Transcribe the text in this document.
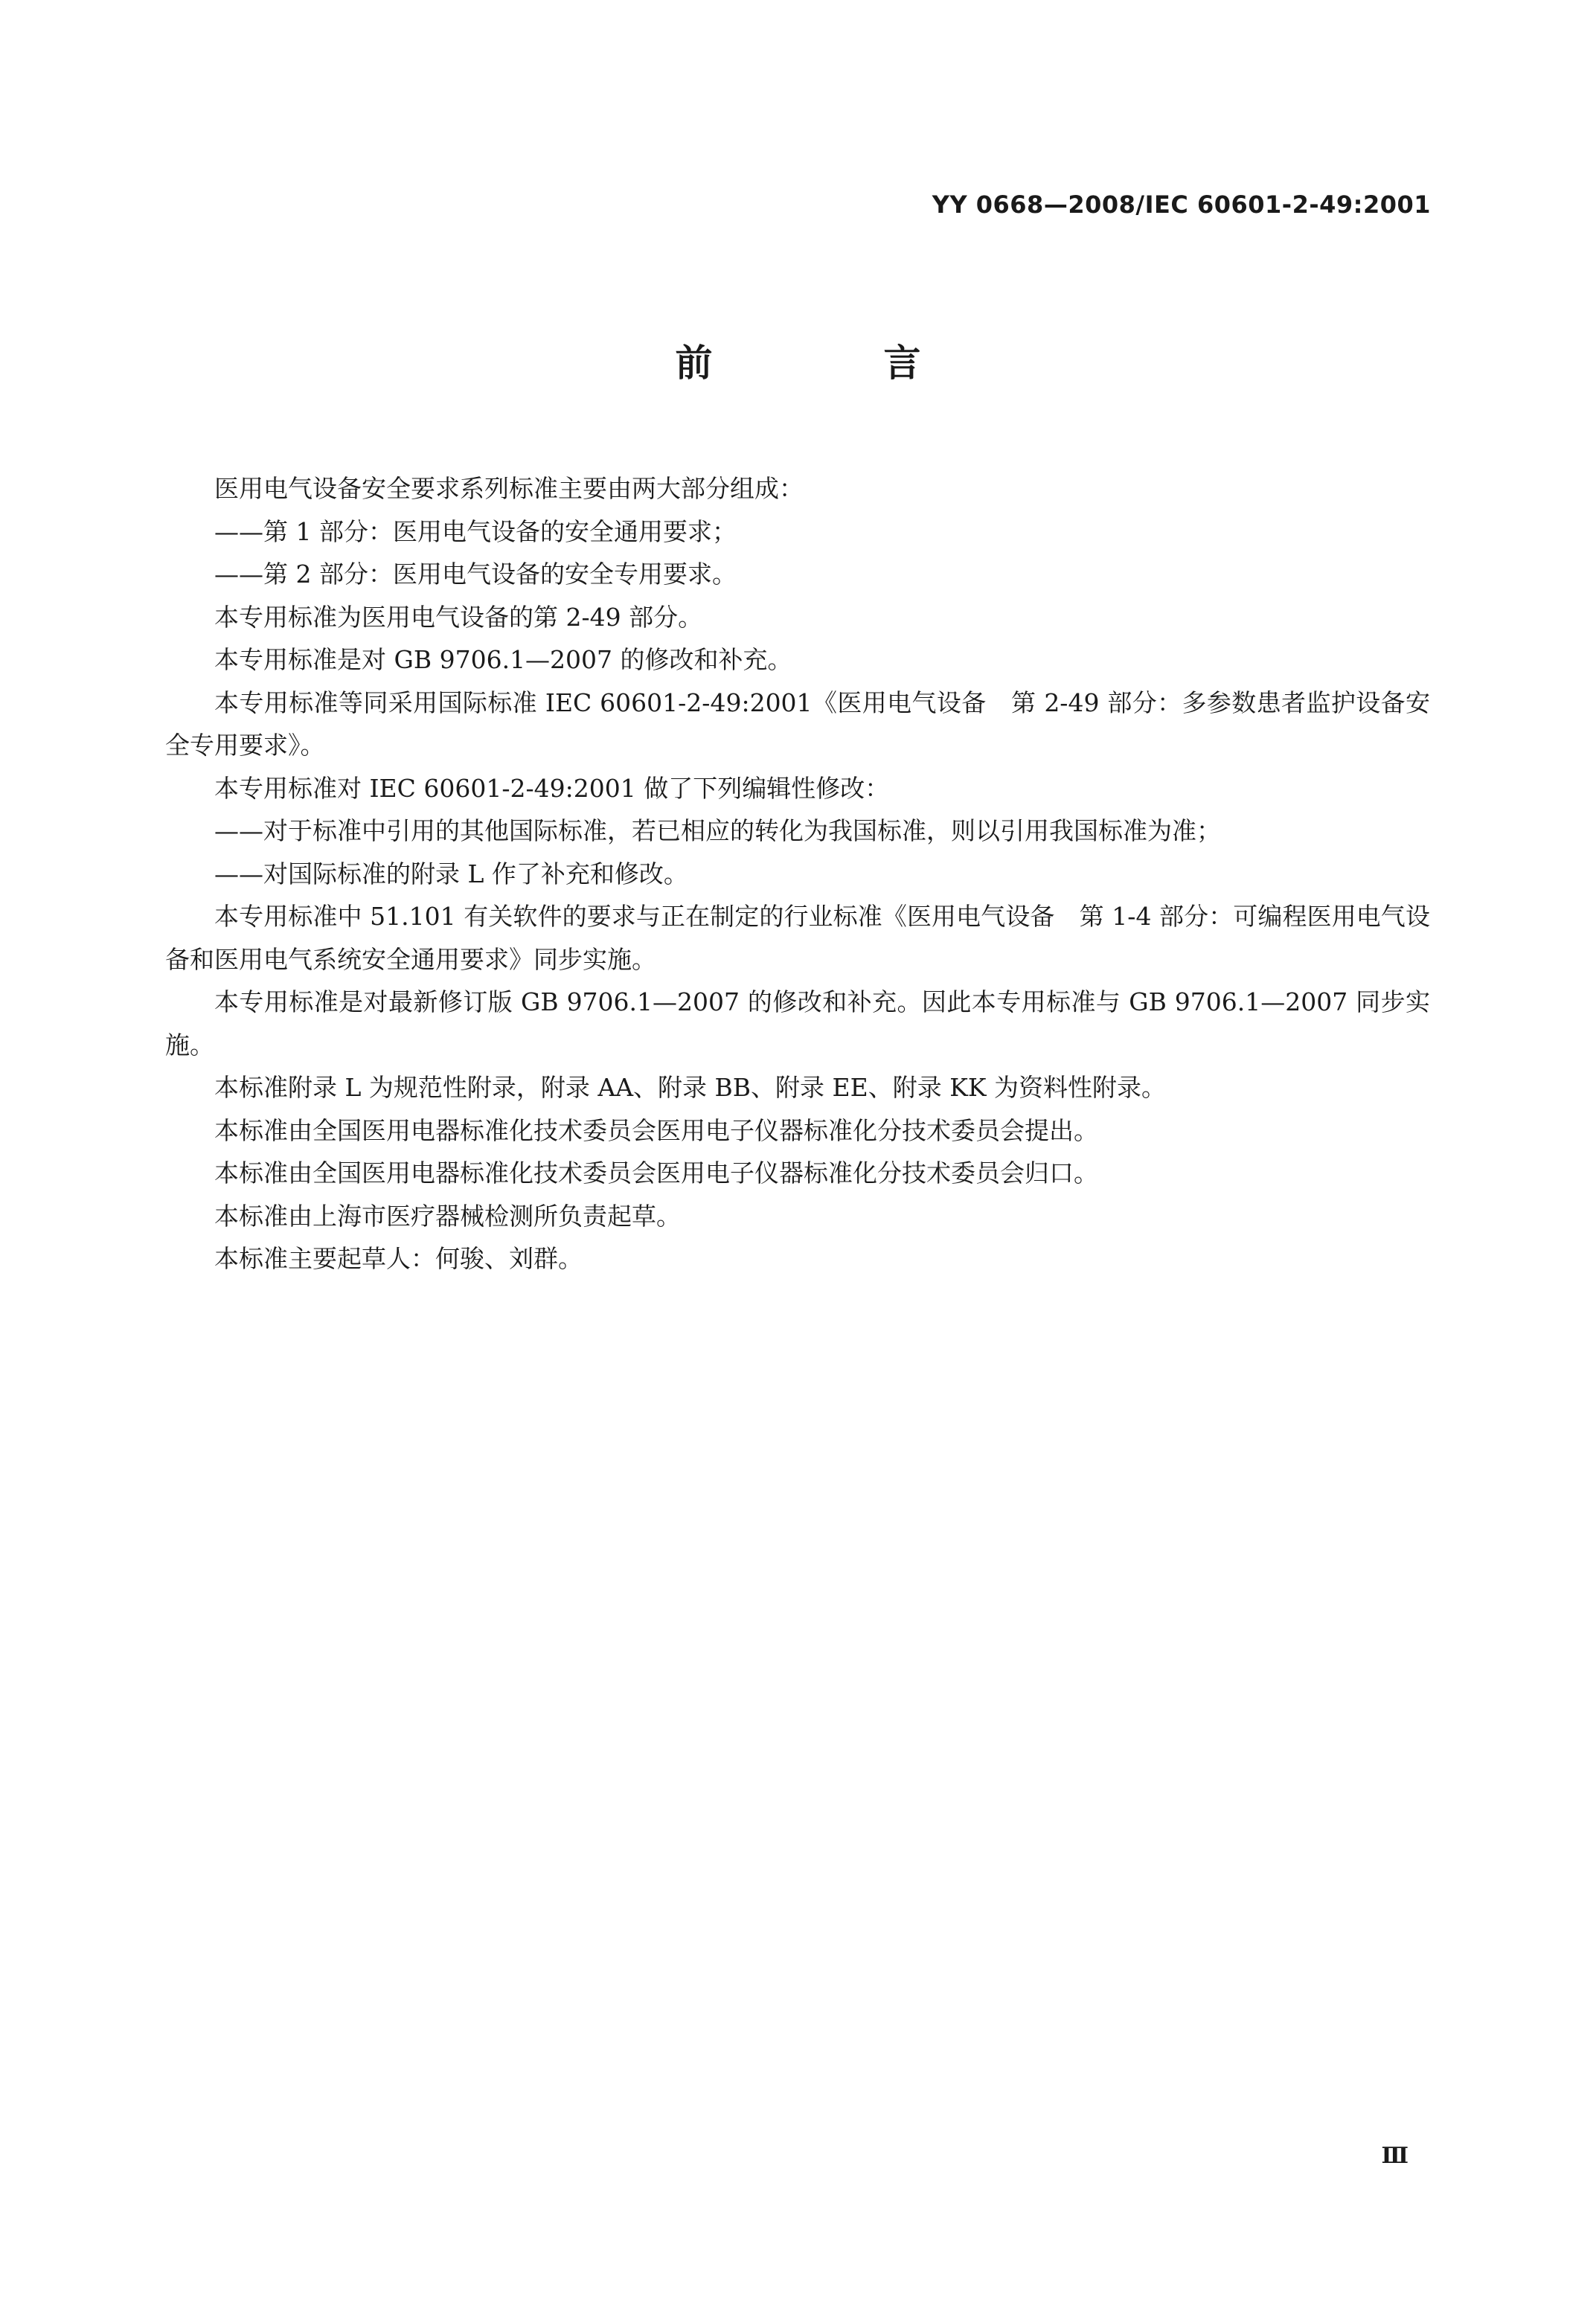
YY 0668—2008/IEC 60601-2-49:2001
前　言

医用电气设备安全要求系列标准主要由两大部分组成：

——第 1 部分：医用电气设备的安全通用要求；

——第 2 部分：医用电气设备的安全专用要求。

本专用标准为医用电气设备的第 2-49 部分。

本专用标准是对 GB 9706.1—2007 的修改和补充。

本专用标准等同采用国际标准 IEC 60601-2-49:2001《医用电气设备　第 2-49 部分：多参数患者监护设备安全专用要求》。

本专用标准对 IEC 60601-2-49:2001 做了下列编辑性修改：

——对于标准中引用的其他国际标准，若已相应的转化为我国标准，则以引用我国标准为准；

——对国际标准的附录 L 作了补充和修改。

本专用标准中 51.101 有关软件的要求与正在制定的行业标准《医用电气设备　第 1-4 部分：可编程医用电气设备和医用电气系统安全通用要求》同步实施。

本专用标准是对最新修订版 GB 9706.1—2007 的修改和补充。因此本专用标准与 GB 9706.1—2007 同步实施。

本标准附录 L 为规范性附录，附录 AA、附录 BB、附录 EE、附录 KK 为资料性附录。

本标准由全国医用电器标准化技术委员会医用电子仪器标准化分技术委员会提出。

本标准由全国医用电器标准化技术委员会医用电子仪器标准化分技术委员会归口。

本标准由上海市医疗器械检测所负责起草。

本标准主要起草人：何骏、刘群。

Ⅲ
